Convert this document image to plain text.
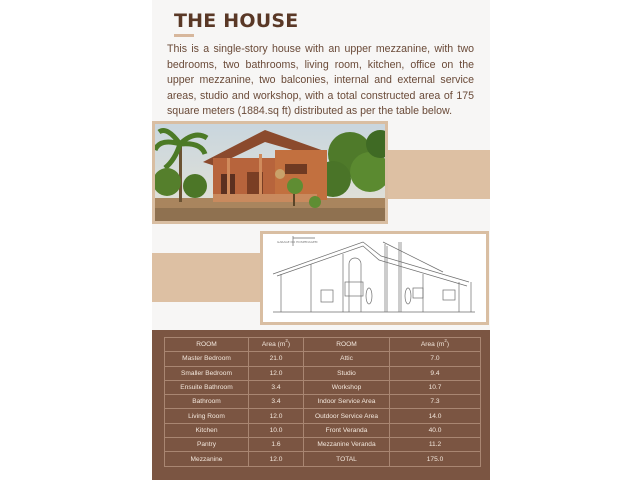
THE HOUSE

This is a single-story house with an upper mezzanine, with two bedrooms, two bathrooms, living room, kitchen, office on the upper mezzanine, two balconies, internal and external service areas, studio and workshop, with a total constructed area of 175 square meters (1884.sq ft) distributed as per the table below.

GARAGE DO HOSPEDAGEM
ROOM	Area $(m^2)$	ROOM	Area $(m^2)$
Master Bedroom	21.0	Attic	7.0
Smaller Bedroom	12.0	Studio	9.4
Ensuite Bathroom	3.4	Workshop	10.7
Bathroom	3.4	Indoor Service Area	7.3
Living Room	12.0	Outdoor Service Area	14.0
Kitchen	10.0	Front Veranda	40.0
Pantry	1.6	Mezzanine Veranda	11.2
Mezzanine	12.0	TOTAL	175.0
